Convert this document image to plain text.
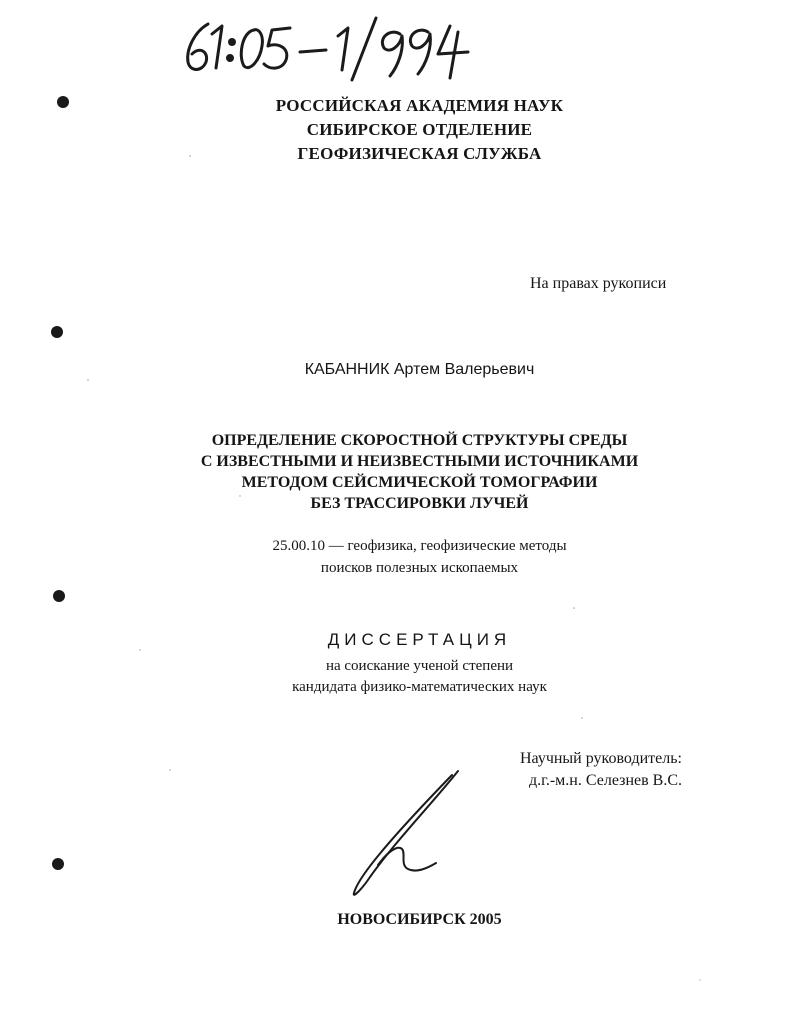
РОССИЙСКАЯ АКАДЕМИЯ НАУК
СИБИРСКОЕ ОТДЕЛЕНИЕ
ГЕОФИЗИЧЕСКАЯ СЛУЖБА
На правах рукописи
КАБАННИК Артем Валерьевич
ОПРЕДЕЛЕНИЕ СКОРОСТНОЙ СТРУКТУРЫ СРЕДЫ
С ИЗВЕСТНЫМИ И НЕИЗВЕСТНЫМИ ИСТОЧНИКАМИ
МЕТОДОМ СЕЙСМИЧЕСКОЙ ТОМОГРАФИИ
БЕЗ ТРАССИРОВКИ ЛУЧЕЙ
25.00.10 — геофизика, геофизические методы
поисков полезных ископаемых
ДИССЕРТАЦИЯ
на соискание ученой степени
кандидата физико-математических наук
Научный руководитель:
д.г.-м.н. Селезнев В.С.
НОВОСИБИРСК 2005
